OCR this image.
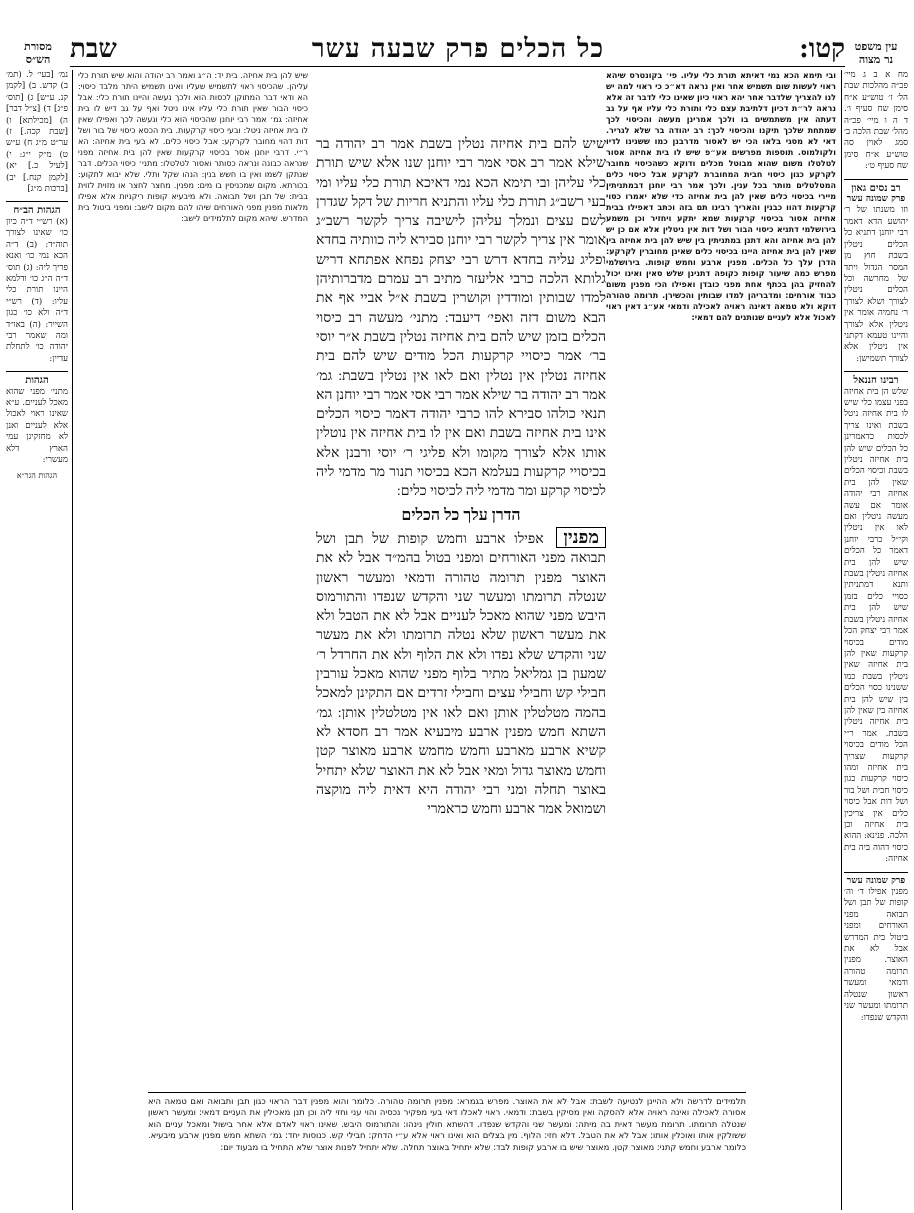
קטו:
כל הכלים פרק שבעה עשר
שבת	עין משפט
נר מצוה
מסורת
הש״ס
מח א ב ג מיי׳ פכ״ה מהלכות שבת הל׳ ז׳ טוש״ע א״ח סימן שח סעיף ו׳. ד ה ו מיי׳ פכ״ה מהל׳ שבת הלכה ב׳ סמג לאוין סה טוש״ע א״ח סימן שח סעיף ט׳:
רב נסים גאון
פרק שמונה עשר
וזו משנתו של ר׳ יהושע הדא דאמר רבי יוחנן דתניא כל הכלים ניטלין בשבת חוץ מן המסר הגדול ויתד של מחרשה וכל הכלים ניטלין לצורך ושלא לצורך ר׳ נחמיה אומר אין ניטלין אלא לצורך והיינו טעמא דקתני אין ניטלין אלא לצורך תשמישן:
רבינו חננאל
שלש הן בית אחיזה בפני עצמו כלי שיש לו בית אחיזה ניטל בשבת ואינו צריך לכסות כדאמרינן כל הכלים שיש להן בית אחיזה ניטלין בשבת וכיסוי הכלים שאין להן בית אחיזה רבי יהודה אומר אם עשה מעשה ניטלין ואם לאו אין ניטלין וקי״ל כרבי יוחנן דאמר כל הכלים שיש להן בית אחיזה ניטלין בשבת ותנא דמתניתין כסויי כלים בזמן שיש להן בית אחיזה ניטלין בשבת אמר רבי יצחק הכל מודים בכיסוי קרקעות שאין להן בית אחיזה שאין ניטלין בשבת כמו ששנינו כסוי הכלים בין שיש להן בית אחיזה בין שאין להן בית אחיזה ניטלין בשבת. אמר ר״י הכל מודים בכיסוי קרקעות שצריך בית אחיזה ומהו כיסוי קרקעות כגון כיסוי חבית ושל בור ושל דות אבל כיסוי כלים אין צריכין בית אחיזה וכן הלכה. פנינא: ההוא כיסוי דהוה ביה בית אחיזה:
פרק שמונה עשר
מפנין אפילו ד׳ וה׳ קופות של תבן ושל תבואה מפני האורחים ומפני ביטול בית המדרש אבל לא את האוצר. מפנין תרומה טהורה ודמאי ומעשר ראשון שנטלה תרומתו ומעשר שני והקדש שנפדו:
נמ׳ [בעי׳ ל. (תמ׳ ב) קדש. ב) [לקמן קנ. ע״ש] ג) [תוס׳ פ״ג] ד) [צ״ל דבר] ה) [מכילתא] ו) [שבת קכה.] ז) ער״ט מ״ג ח) ע״ש ט) מ״ק י״ג: י) [לעיל כ.] יא) [לקמן קנח.] יב) [ברכות מ״ג]
הגהות הב״ח
(א) רש״י ד״ה כיון כו׳ שאינו לצורך תוה״ד: (ב) ד״ה הכא נמי כו׳ ואנא פריך ליה: (ג) תוס׳ ד״ה ה״ג כו׳ ודלמא היינו תורת כלי עליו: (ד) רש״י ד״ה ולא כו׳ כגון השייר: (ה) באו״ד ומה שאמר רבי יהודה כו׳ לתחלת עדיין:
הגהות
מתני׳ מפני שהוא מאכל לעניים. ע״א שאינו ראוי לאכול אלא לעניים ואנן לא מחזקינן עמי הארץ דלא מעשרי:
הגהות הגר״א
ובי תימא הכא נמי דאיתא תורת כלי עליו. פי׳ בקונטרס שיהא ראוי לעשות שום תשמיש אחר ואין נראה דא״כ כי ראוי למה יש לנו להצריך שלדבר אחר יהא ראוי כיון שאינו כלי לדבר זה אלא נראה לר״ת דכיון דלתיבת עצם כלי ותורת כלי עליו אף על גב דעתה אין משתמשים בו ולכך אמרינן מעשה והכיסוי לכך שמתחת שלכך תיקנו והכיסוי לכך: רב יהודה בר שלא לגריר. דאי לא מסגי בלאו הכי יש לאסור מדרבנן כמו ששנינו לדיו ולקולמוס. תוספות מפרשים אע״פ שיש לו בית אחיזה אסור לטלטלו משום שהוא מבוטל מכלים ודוקא כשהכיסוי מחובר לקרקע כגון כיסוי חבית המחוברת לקרקע אבל כיסוי כלים המטלטלים מותר בכל ענין. ולכך אמר רבי יוחנן דבמתניתין מיירי בכיסוי כלים שאין להן בית אחיזה כדי שלא יאמרו כסוי קרקעות דהוו כבנין והאריך רבינו תם בזה וכתב דאפילו בבית אחיזה אסור בכיסוי קרקעות שמא יתקע ויחזיר וכן משמע בירושלמי דתניא כיסוי הבור ושל דות אין ניטלין אלא אם כן יש להן בית אחיזה והא דתנן במתניתין בין שיש להן בית אחיזה בין שאין להן בית אחיזה היינו בכיסוי כלים שאינן מחוברין לקרקע: הדרן עלך כל הכלים. מפנין ארבע וחמש קופות. בירושלמי מפרש כמה שיעור קופות כקופה דתנינן שלש סאין ואינו יכול להחזיק בהן בכתף אחת מפני כובדן ואפילו הכי מפנין משום כבוד אורחים: ומדבריהן למדו שבותין והכשירן. תרומה טהורה דוקא ולא טמאה דאינה ראויה לאכילה ודמאי אע״ג דאין ראוי לאכול אלא לעניים שנותנים להם דמאי:
שיש להן בית אחיזה. בית יד: ה״ג ואמר רב יהודה והוא שיש תורת כלי עליהן. שהכיסוי ראוי לתשמיש שעליו ואינו תשמיש היתר מלבד כיסוי: הא ודאי דבר המתוקן לכסות הוא ולכך נעשה והיינו תורת כלי: אבל כיסוי הבור שאין תורת כלי עליו אינו ניטל ואף על גב דיש לו בית אחיזה: גמ׳ אמר רבי יוחנן שהכיסוי הוא כלי ונעשה לכך ואפילו שאין לו בית אחיזה ניטל: ובעי כיסוי קרקעות. בית הכסא כיסוי של בור ושל דות דהוי מחובר לקרקע: אבל כיסוי כלים. לא בעי בית אחיזה: הא ר״י. דרבי יוחנן אסר בכיסוי קרקעות שאין להן בית אחיזה מפני שנראה כבונה ונראה כסותר ואסור לטלטלו: מתני׳ כיסוי הכלים. דבר שנתקן לשמו ואין בו חשש בנין: הנהו שקל ותלי. שלא יבוא לתקוע: בכורתא. מקום שמכניסין בו מים: מפנין. מחצר לחצר או מזוית לזוית בבית: של תבן ושל תבואה. ולא מיבעיא קופות ריקניות אלא אפילו מלאות מפנין מפני האורחים שיהו להם מקום לישב: ומפני ביטול בית המדרש. שיהא מקום לתלמידים לישב:
שיש להם בית אחיזה נטלין בשבת אמר רב יהודה בר שילא אמר רב אסי אמר רבי יוחנן שנו אלא שיש תורת כלי עליהן ובי תימא הכא נמי דאיכא תורת כלי עליו ומי בעי רשב״ג תורת כלי עליו והתניא חריות של דקל שגדרן לשם עצים ונמלך עליהן לישיבה צריך לקשר רשב״ג אומר אין צריך לקשר רבי יוחנן סבירא ליה כוותיה בחדא ופליג עליה בחדא דרש רבי יצחק נפחא אפתחא דריש גלותא הלכה כרבי אליעזר מתיב רב עמרם מדברותיהן למדו שבותין ומודדין וקושרין בשבת א״ל אביי אף את הבא משום דזה ואפי׳ דיעבד: מתני׳ מעשה רב כיסוי הכלים בזמן שיש להם בית אחיזה נטלין בשבת א״ר יוסי בר׳ אמר כיסויי קרקעות הכל מודים שיש להם בית אחיזה נטלין אין נטלין ואם לאו אין נטלין בשבת: גמ׳ אמר רב יהודה בר שילא אמר רבי אסי אמר רבי יוחנן הא תנאי כולהו סבירא להו כרבי יהודה דאמר כיסוי הכלים אינו בית אחיזה בשבת ואם אין לו בית אחיזה אין נוטלין אותו אלא לצורך מקומו ולא פליגי ר׳ יוסי ורבנן אלא בכיסויי קרקעות בעלמא הכא בכיסוי תנור מר מדמי ליה לכיסוי קרקע ומר מדמי ליה לכיסוי כלים:
הדרן עלך כל הכלים
מפנין אפילו ארבע וחמש קופות של תבן ושל תבואה מפני האורחים ומפני בטול בהמ״ד אבל לא את האוצר מפנין תרומה טהורה ודמאי ומעשר ראשון שנטלה תרומתו ומעשר שני והקדש שנפדו והתורמוס היבש מפני שהוא מאכל לעניים אבל לא את הטבל ולא את מעשר ראשון שלא נטלה תרומתו ולא את מעשר שני והקדש שלא נפדו ולא את הלוף ולא את החרדל ר׳ שמעון בן גמליאל מתיר בלוף מפני שהוא מאכל עורבין חבילי קש וחבילי עצים וחבילי זרדים אם התקינן למאכל בהמה מטלטלין אותן ואם לאו אין מטלטלין אותן: גמ׳ השתא חמש מפנין ארבע מיבעיא אמר רב חסדא לא קשיא ארבע מארבע וחמש מחמש ארבע מאוצר קטן וחמש מאוצר גדול ומאי אבל לא את האוצר שלא יתחיל באוצר תחלה ומני רבי יהודה היא דאית ליה מוקצה ושמואל אמר ארבע וחמש כראמרי
תלמידים לדרשה ולא ההיינן לנטיעה לשבת: אבל לא את האוצר. מפרש בגמרא: מפנין תרומה טהורה. כלומר והוא מפנין דבר הראוי כגון תבן ותבואה ואם טמאה היא אסורה לאכילה ואינה ראויה אלא להסקה ואין מסיקין בשבת: ודמאי. ראוי לאכלו דאי בעי מפקיר נכסיה והוי עני וחזי ליה וכן תנן מאכילין את העניים דמאי: ומעשר ראשון שנטלה תרומתו. תרומת מעשר דאית בה מיתה: ומעשר שני והקדש שנפדו. דהשתא חולין נינהו: והתורמוס היבש. שאינו ראוי לאדם אלא אחר בישול ומאכל עניים הוא ששולקין אותו ואוכלין אותו: אבל לא את הטבל. דלא חזי: הלוף. מין בצלים הוא ואינו ראוי אלא ע״י הדחק: חבילי קש. כנוסות יחד: גמ׳ השתא חמש מפנין ארבע מיבעיא. כלומר ארבע וחמש קתני: מאוצר קטן. מאוצר שיש בו ארבע קופות לבד: שלא יתחיל באוצר תחלה. שלא יתחיל לפנות אוצר שלא התחיל בו מבעוד יום:
